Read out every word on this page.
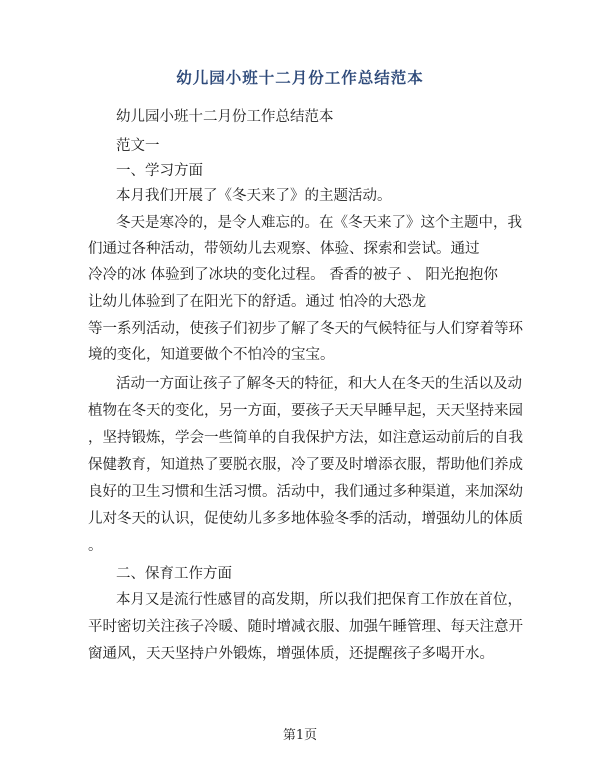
幼儿园小班十二月份工作总结范本
幼儿园小班十二月份工作总结范本
范文一
一、学习方面
本月我们开展了《冬天来了》的主题活动。
冬天是寒冷的，是令人难忘的。在《冬天来了》这个主题中，我
们通过各种活动，带领幼儿去观察、体验、探索和尝试。通过
冷冷的冰 体验到了冰块的变化过程。 香香的被子 、 阳光抱抱你
让幼儿体验到了在阳光下的舒适。通过 怕冷的大恐龙
等一系列活动，使孩子们初步了解了冬天的气候特征与人们穿着等环
境的变化，知道要做个不怕冷的宝宝。
活动一方面让孩子了解冬天的特征，和大人在冬天的生活以及动
植物在冬天的变化，另一方面，要孩子天天早睡早起，天天坚持来园
，坚持锻炼，学会一些简单的自我保护方法，如注意运动前后的自我
保健教育，知道热了要脱衣服，冷了要及时增添衣服，帮助他们养成
良好的卫生习惯和生活习惯。活动中，我们通过多种渠道，来加深幼
儿对冬天的认识，促使幼儿多多地体验冬季的活动，增强幼儿的体质
。
二、保育工作方面
本月又是流行性感冒的高发期，所以我们把保育工作放在首位，
平时密切关注孩子冷暖、随时增减衣服、加强午睡管理、每天注意开
窗通风，天天坚持户外锻炼，增强体质，还提醒孩子多喝开水。
第1页
